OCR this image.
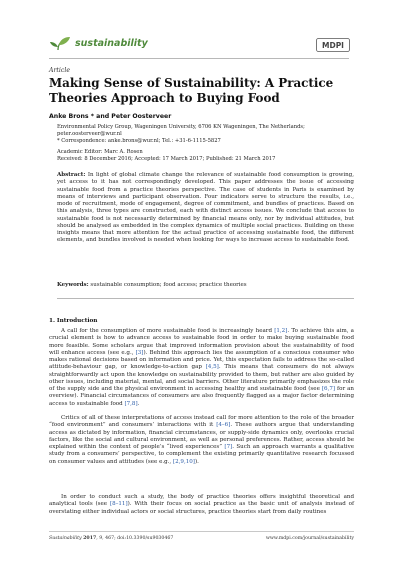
sustainability	MDPI
Article
Making Sense of Sustainability: A Practice Theories Approach to Buying Food
Anke Brons * and Peter Oosterveer
Environmental Policy Group, Wageningen University, 6706 KN Wageningen, The Netherlands;
peter.oosterveer@wur.nl
* Correspondence: anke.brons@wur.nl; Tel.: +31-6-1115-5827
Academic Editor: Marc A. Rosen
Received: 8 December 2016; Accepted: 17 March 2017; Published: 21 March 2017

Abstract: In light of global climate change the relevance of sustainable food consumption is growing, yet access to it has not correspondingly developed. This paper addresses the issue of accessing sustainable food from a practice theories perspective. The case of students in Paris is examined by means of interviews and participant observation. Four indicators serve to structure the results, i.e., mode of recruitment, mode of engagement, degree of commitment, and bundles of practices. Based on this analysis, three types are constructed, each with distinct access issues. We conclude that access to sustainable food is not necessarily determined by financial means only, nor by individual attitudes, but should be analysed as embedded in the complex dynamics of multiple social practices. Building on these insights means that more attention for the actual practice of accessing sustainable food, the different elements, and bundles involved is needed when looking for ways to increase access to sustainable food.

Keywords: sustainable consumption; food access; practice theories
1. Introduction

A call for the consumption of more sustainable food is increasingly heard [1,2]. To achieve this aim, a crucial element is how to advance access to sustainable food in order to make buying sustainable food more feasible. Some scholars argue that improved information provision about the sustainability of food will enhance access (see e.g., [3]). Behind this approach lies the assumption of a conscious consumer who makes rational decisions based on information and price. Yet, this expectation fails to address the so-called attitude-behaviour gap, or knowledge-to-action gap [4,5]. This means that consumers do not always straightforwardly act upon the knowledge on sustainability provided to them, but rather are also guided by other issues, including material, mental, and social barriers. Other literature primarily emphasizes the role of the supply side and the physical environment in accessing healthy and sustainable food (see [6,7] for an overview). Financial circumstances of consumers are also frequently flagged as a major factor determining access to sustainable food [7,8].

Critics of all of these interpretations of access instead call for more attention to the role of the broader “food environment” and consumers’ interactions with it [4–6]. These authors argue that understanding access as dictated by information, financial circumstances, or supply-side dynamics only, overlooks crucial factors, like the social and cultural environment, as well as personal preferences. Rather, access should be explained within the context of people’s “lived experiences” [7]. Such an approach warrants a qualitative study from a consumers’ perspective, to complement the existing primarily quantitative research focussed on consumer values and attitudes (see e.g., [2,9,10]).

In order to conduct such a study, the body of practice theories offers insightful theoretical and analytical tools (see [8–11]). With their focus on social practice as the basic unit of analysis instead of overstating either individual actors or social structures, practice theories start from daily routines

Sustainability 2017, 9, 467; doi:10.3390/su9030467	www.mdpi.com/journal/sustainability
